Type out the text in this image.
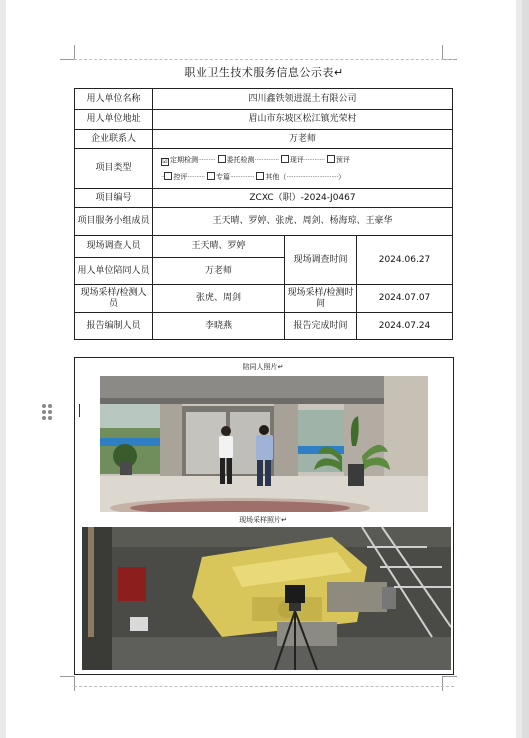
职业卫生技术服务信息公示表↵
用人单位名称	四川鑫铁领进混土有限公司		
用人单位地址	眉山市东坡区松江镇光荣村		
企业联系人	万老师		
项目类型	☑ 定期检测·········· 委托检测·············· 现评············ 预评
·· 控评·········· 专篇·············· 其他（······························）		

项目编号	ZCXC（职）-2024-J0467		
项目服务小组成员	王天晴、罗婷、张虎、周剑、杨海琼、王豪华		
现场调查人员	王天晴、罗婷	现场调查时间	2024.06.27
用人单位陪同人员	万老师		
现场采样/检测人员	张虎、周剑	现场采样/检测时间	2024.07.07
报告编制人员	李晓燕	报告完成时间	2024.07.24
陪同人照片↵
现场采样照片↵
